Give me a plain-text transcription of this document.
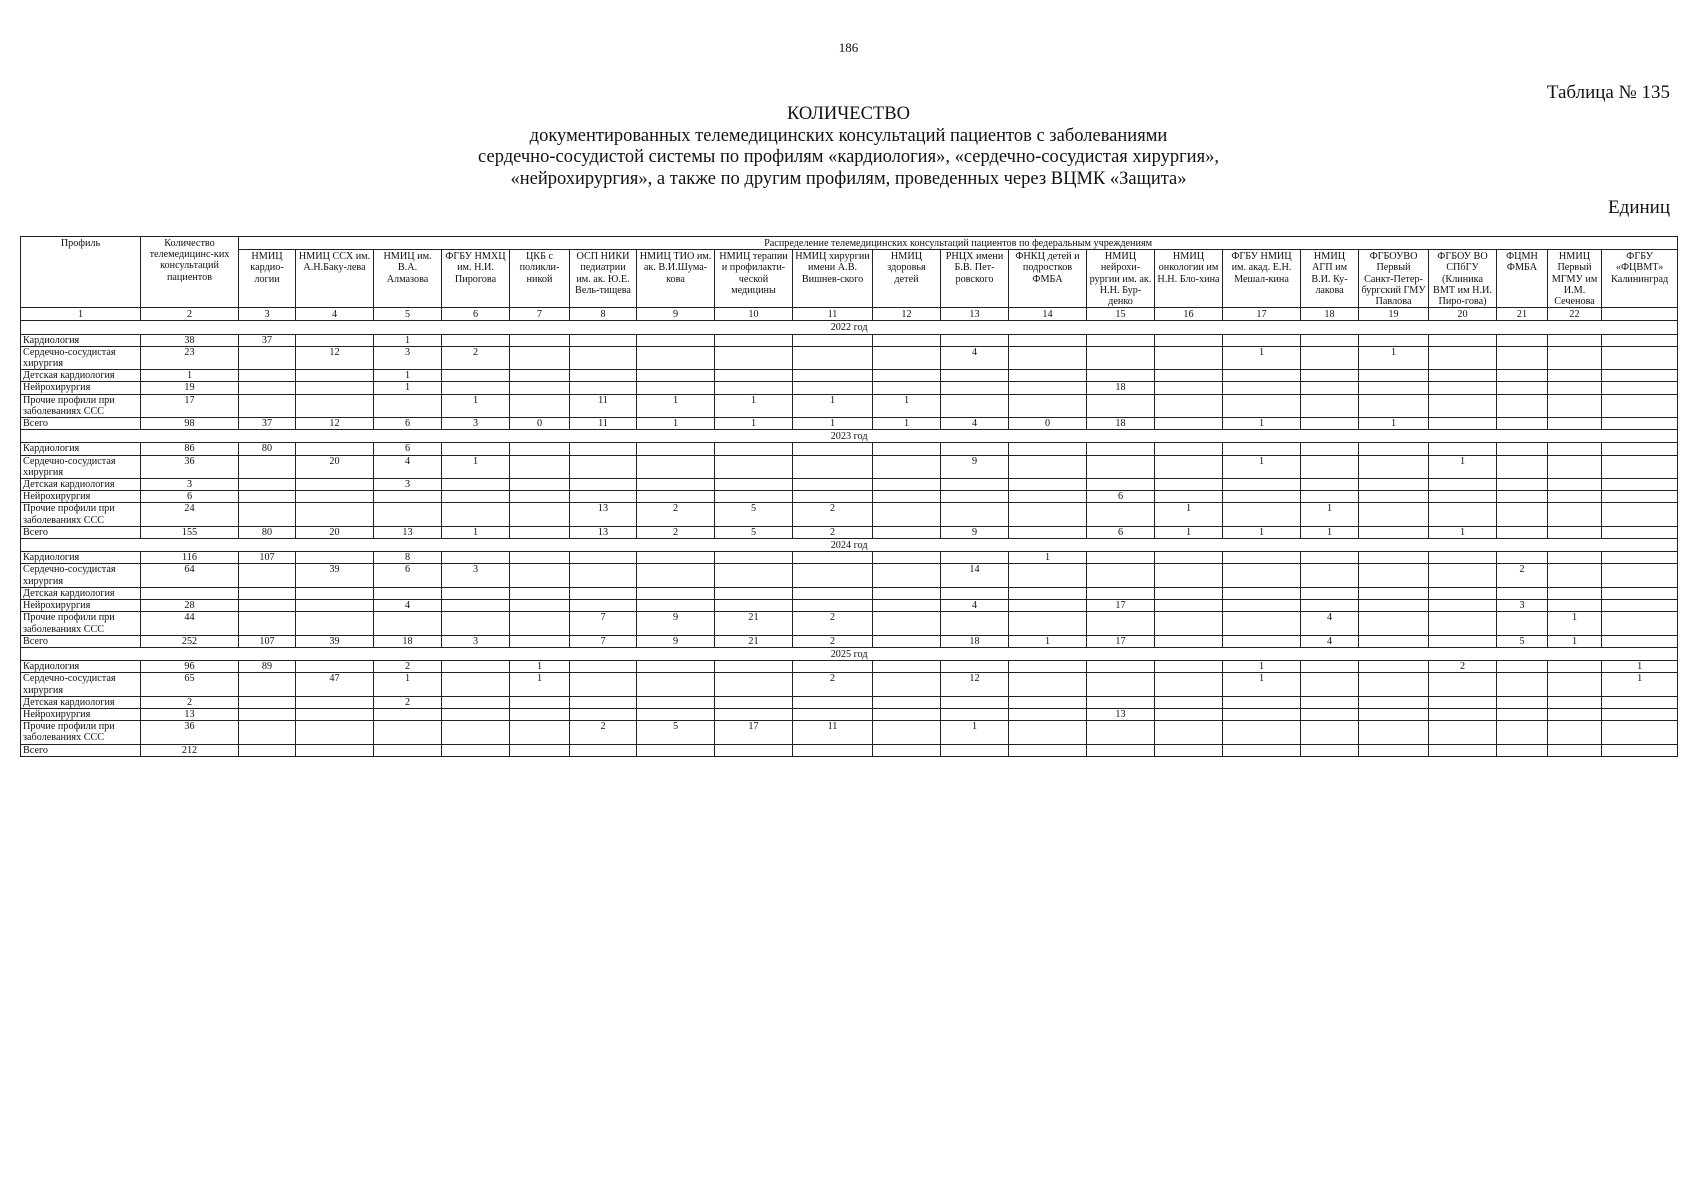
186
Таблица № 135
КОЛИЧЕСТВО
документированных телемедицинских консультаций пациентов с заболеваниями
сердечно-сосудистой системы по профилям «кардиология», «сердечно-сосудистая хирургия»,
«нейрохирургия», а также по другим профилям, проведенных через ВЦМК «Защита»
Единиц
Профиль	Количество телемедицинс-ких консультаций пациентов	Распределение телемедицинских консультаций пациентов по федеральным учреждениям																				
		НМИЦ кардио-логии	НМИЦ ССХ им. А.Н.Баку-лева	НМИЦ им. В.А. Алмазова	ФГБУ НМХЦ им. Н.И. Пирогова	ЦКБ с поликли-никой	ОСП НИКИ педиатрии им. ак. Ю.Е. Вель-тищева	НМИЦ ТИО им. ак. В.И.Шума-кова	НМИЦ терапии и профилакти-ческой медицины	НМИЦ хирургии имени А.В. Вишнев-ского	НМИЦ здоровья детей	РНЦХ имени Б.В. Пет-ровского	ФНКЦ детей и подростков ФМБА	НМИЦ нейрохи-рургии им. ак. Н.Н. Бур-денко	НМИЦ онкологии им Н.Н. Бло-хина	ФГБУ НМИЦ им. акад. Е.Н. Мешал-кина	НМИЦ АГП им В.И. Ку-лакова	ФГБОУВО Первый Санкт-Петер-бургский ГМУ Павлова	ФГБОУ ВО СПбГУ (Клиника ВМТ им Н.И. Пиро-гова)	ФЦМН ФМБА	НМИЦ Первый МГМУ им И.М. Сеченова	ФГБУ «ФЦВМТ» Калининград
1	2	3	4	5	6	7	8	9	10	11	12	13	14	15	16	17	18	19	20	21	22	
2022 год																						
Кардиология	38	37		1																		
Сердечно-сосудистая хирургия	23		12	3	2							4				1		1				
Детская кардиология	1			1																		
Нейрохирургия	19			1										18								
Прочие профили при заболеваниях ССС	17				1		11	1	1	1	1											
Всего	98	37	12	6	3	0	11	1	1	1	1	4	0	18		1		1				
2023 год																						
Кардиология	86	80		6																		
Сердечно-сосудистая хирургия	36		20	4	1							9				1			1			
Детская кардиология	3			3																		
Нейрохирургия	6													6								
Прочие профили при заболеваниях ССС	24						13	2	5	2					1		1					
Всего	155	80	20	13	1		13	2	5	2		9		6	1	1	1		1			
2024 год																						
Кардиология	116	107		8									1									
Сердечно-сосудистая хирургия	64		39	6	3							14								2		
Детская кардиология																						
Нейрохирургия	28			4								4		17						3		
Прочие профили при заболеваниях ССС	44						7	9	21	2							4				1	
Всего	252	107	39	18	3		7	9	21	2		18	1	17			4			5	1	
2025 год																						
Кардиология	96	89		2		1										1			2			1
Сердечно-сосудистая хирургия	65		47	1		1				2		12				1						1
Детская кардиология	2			2																		
Нейрохирургия	13													13								
Прочие профили при заболеваниях ССС	36						2	5	17	11		1										
Всего	212																					
